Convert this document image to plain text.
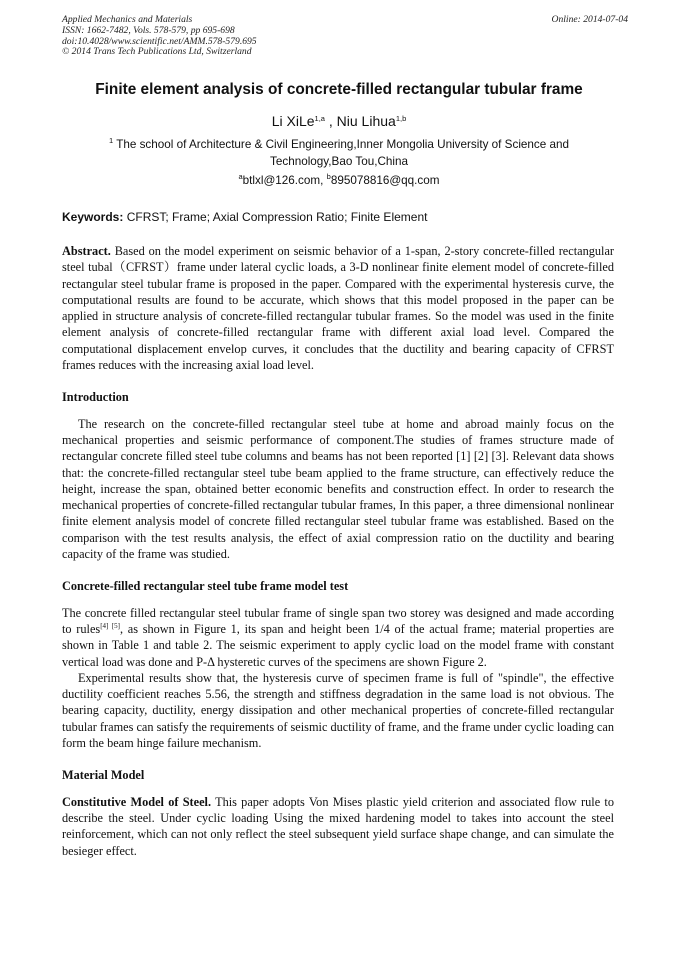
Applied Mechanics and Materials	Online: 2014-07-04
ISSN: 1662-7482, Vols. 578-579, pp 695-698
doi:10.4028/www.scientific.net/AMM.578-579.695
© 2014 Trans Tech Publications Ltd, Switzerland
Finite element analysis of concrete-filled rectangular tubular frame
Li XiLe$^{1,a}$ , Niu Lihua$^{1,b}$
$^1$ The school of Architecture & Civil Engineering,Inner Mongolia University of Science and Technology,Bao Tou,China
$^a$btlxl@126.com, $^b$895078816@qq.com
Keywords: CFRST; Frame; Axial Compression Ratio; Finite Element

Abstract. Based on the model experiment on seismic behavior of a 1-span, 2-story concrete-filled rectangular steel tubal（CFRST）frame under lateral cyclic loads, a 3-D nonlinear finite element model of concrete-filled rectangular steel tubular frame is proposed in the paper. Compared with the experimental hysteresis curve, the computational results are found to be accurate, which shows that this model proposed in the paper can be applied in structure analysis of concrete-filled rectangular tubular frames. So the model was used in the finite element analysis of concrete-filled rectangular frame with different axial load level. Compared the computational displacement envelop curves, it concludes that the ductility and bearing capacity of CFRST frames reduces with the increasing axial load level.

Introduction

The research on the concrete-filled rectangular steel tube at home and abroad mainly focus on the mechanical properties and seismic performance of component.The studies of frames structure made of rectangular concrete filled steel tube columns and beams has not been reported [1] [2] [3]. Relevant data shows that: the concrete-filled rectangular steel tube beam applied to the frame structure, can effectively reduce the height, increase the span, obtained better economic benefits and construction effect. In order to research the mechanical properties of concrete-filled rectangular tubular frames, In this paper, a three dimensional nonlinear finite element analysis model of concrete filled rectangular steel tubular frame was established. Based on the comparison with the test results analysis, the effect of axial compression ratio on the ductility and bearing capacity of the frame was studied.

Concrete-filled rectangular steel tube frame model test

The concrete filled rectangular steel tubular frame of single span two storey was designed and made according to rules[4] [5], as shown in Figure 1, its span and height been 1/4 of the actual frame; material properties are shown in Table 1 and table 2. The seismic experiment to apply cyclic load on the model frame with constant vertical load was done and P-Δ hysteretic curves of the specimens are shown Figure 2.

Experimental results show that, the hysteresis curve of specimen frame is full of "spindle", the effective ductility coefficient reaches 5.56, the strength and stiffness degradation in the same load is not obvious. The bearing capacity, ductility, energy dissipation and other mechanical properties of concrete-filled rectangular tubular frames can satisfy the requirements of seismic ductility of frame, and the frame under cyclic loading can form the beam hinge failure mechanism.

Material Model

Constitutive Model of Steel. This paper adopts Von Mises plastic yield criterion and associated flow rule to describe the steel. Under cyclic loading Using the mixed hardening model to takes into account the steel reinforcement, which can not only reflect the steel subsequent yield surface shape change, and can simulate the besieger effect.
